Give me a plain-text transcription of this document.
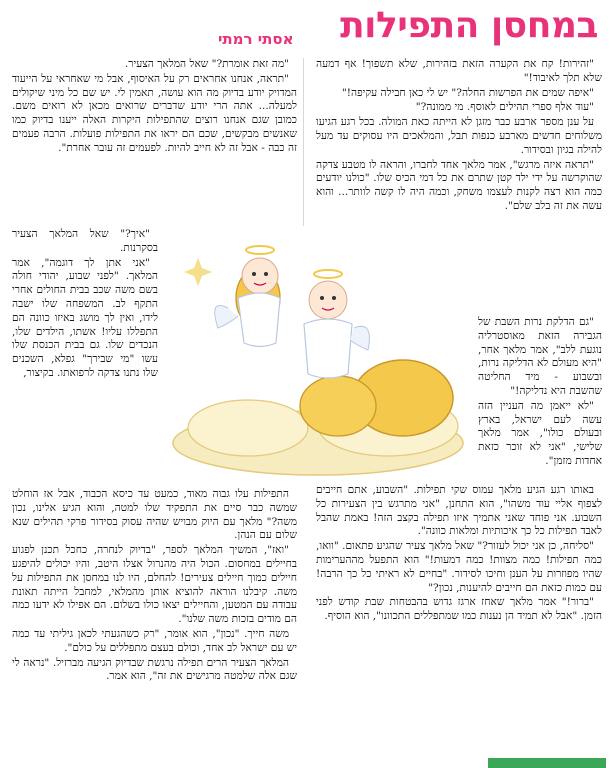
במחסן התפילות
אסתי רמתי

"זהירות! קח את הקערה הזאת בזהירות, שלא תשפוך! אף דמעה שלא תלך לאיבוד!"

"איפה שמים את הפרשות החלה?" יש לי כאן חבילה עקיפה!"

"עוד אלף ספרי תהילים לאוסף. מי ממונה?"

על ענן מספר ארבע כבר מזגן לא הייתה כאת המולה. בכל רגע הגיעו משלוחים חדשים מארבע כנפות תבל, והמלאכים היו עסוקים עד מעל להילה בגיון ובסידור.

"תראה איזה מרגש", אמר מלאך אחד לחברו, והראה לו מטבע צדקה שהוקרשה על ידי ילד קטן שתרם את כל דמי הכיס שלו. "כולנו יודעים כמה הוא רצה לקנות לעצמו משחק, וכמה היה לו קשה לוותר... והוא עשה את זה בלב שלם".

"מה זאת אומרת?" שאל המלאך הצעיר.

"תראה, אנחנו אחראים רק על האיסוף, אבל מי שאחראי על הייעוד המדויק יודע בדיוק מה הוא עושה, תאמין לי. יש שם כל מיני שיקולים למעלה... אתה הרי יודע שדברים שרואים מכאן לא רואים משם. כמובן שגם אנחנו רוצים שהתפילות היקרות האלה ייענו בדיוק כמו שאנשים מבקשים, שכם הם יראו את התפילות פועלות. הרבה פעמים זה כבה - אבל זה לא חייב להיות. לפעמים זה עובר אחרת".

"גם הדלקת נרות השבת של הגבירה הזאת מאוסטרליה נוגעת ללב", אמר מלאך אחר, "היא מעולם לא הדליקה נרות, ובשבוע - מיד החליטה שהשבת היא נדליקה!"

"לא ייאמן מה העניין הזה עשה לעם ישראל, בארץ ובעולם כולו", אמר מלאך שלישי, "אני לא זוכר כזאת אחדות מזמן".

"איך?" שאל המלאך הצעיר בסקרנות.

"אני אתן לך דוגמה", אמר המלאך. "לפני שבוע, יהודי חולה בשם משה שכב בבית החולים אחרי התקף לב. המשפחה שלו ישבה לידו, ואין לך מושג באיזו כוונה הם התפללו עליו! אשתו, הילדים שלו, הנכדים שלו. גם בבית הכנסת שלו עשו "מי שבירך" גפלא, השכנים שלו נתנו צדקה לרפואתו. בקיצור,

באותו רגע הגיע מלאך עמוס שקי תפילות. "השבוע, אתם חייבים לצפוף אליי עוד משהו", הוא התחנן, "אני מתרגש בין הצעירות כל השבוע. אני פוחד שאני אתמיך איזו תפילה בקצב הזה! באמת שהבל לאבד תפילות כל כך איכותיות ומלאות כוונה".

"סליחה, כן אני יכול לעזור?" שאל מלאך צעיר שהגיע פתאום. "וואו, כמה תפילות! כמה מצוות! כמה דמעות!" הוא התפעל מההערימות שהיו מפוזרות על הענן וחיכו לסידור. "בחיים לא ראיתי כל כך הרבה! עם כמות כזאת הם חייבים להיענות, נכון?"

"ברור!" אמר מלאך שאחז ארגז גדוש בהבטחות שבת קודש לפני הזמן. "אבל לא תמיד הן נענות כמו שמתפללים התכוונו", הוא הוסיף.

התפילות עלו גבוה מאוד, כמעט עד כיסא הכבוד, אבל אז הוחלט שמשה כבר סיים את התפקיד שלו למטה, והוא הגיע אלינו, נכון משה?" מלאך עם היוק מבויש שהיה עסוק בסידור פרקי תהילים שנא שלום עם הנהן.

"ואז", המשיך המלאך לספר, "בדיוק לנחרה, כחכל תכנן לפגוע בחיילים במחסום. הכול היה מהנרול אצלו היטב, והיו יכולים להיפגע חיילים כמוך חיילים צעירים! להחלם, היו לנו במחסן את התפילות על משה. קיבלנו הוראה להוציא אותן מהמלאי, למחבל הייתה תאונת עבודה עם המטען, והחיילים יצאו כולו בשלום. הם אפילו לא ידעו כמה הם מודים בזכות משה שלנו".

משה חייך. "נכון", הוא אומר, "רק כשהגעתי לכאן גיליתי עד כמה יש עם ישראל לב אחד, וכולם בעצם מתפללים על כולם".

המלאך הצעיר הרים תפילה נרגשת שבדיוק הגיעה מברזיל. "נראה לי שגם אלה שלמטה מרגישים את זה", הוא אמר.
